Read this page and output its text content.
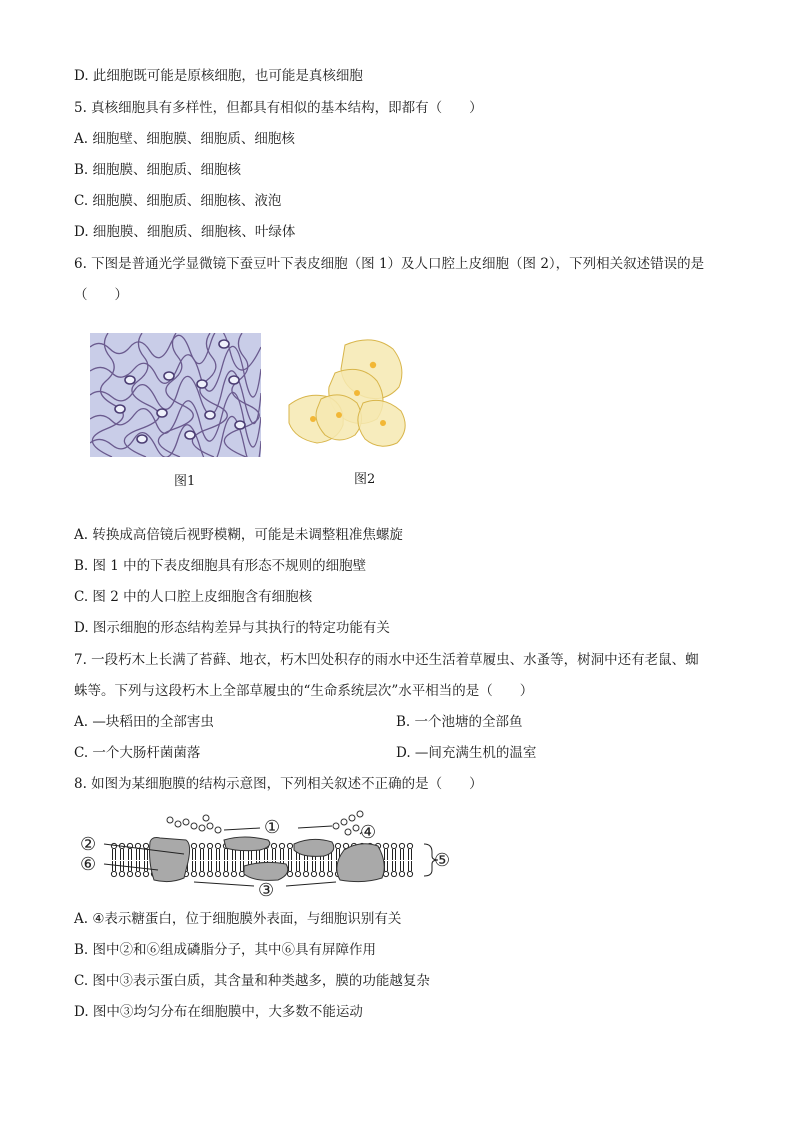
D. 此细胞既可能是原核细胞，也可能是真核细胞
5. 真核细胞具有多样性，但都具有相似的基本结构，即都有（　　）
A. 细胞壁、细胞膜、细胞质、细胞核
B. 细胞膜、细胞质、细胞核
C. 细胞膜、细胞质、细胞核、液泡
D. 细胞膜、细胞质、细胞核、叶绿体
6. 下图是普通光学显微镜下蚕豆叶下表皮细胞（图 1）及人口腔上皮细胞（图 2），下列相关叙述错误的是
（　　）
图1	图2
A. 转换成高倍镜后视野模糊，可能是未调整粗准焦螺旋
B. 图 1 中的下表皮细胞具有形态不规则的细胞壁
C. 图 2 中的人口腔上皮细胞含有细胞核
D. 图示细胞的形态结构差异与其执行的特定功能有关
7. 一段朽木上长满了苔藓、地衣，朽木凹处积存的雨水中还生活着草履虫、水蚤等，树洞中还有老鼠、蜘
蛛等。下列与这段朽木上全部草履虫的“生命系统层次”水平相当的是（　　）
A. —块稻田的全部害虫	B. 一个池塘的全部鱼
C. 一个大肠杆菌菌落	D. —间充满生机的温室
8. 如图为某细胞膜的结构示意图，下列相关叙述不正确的是（　　）
①	④
②
⑥	⑤
③
A. ④表示糖蛋白，位于细胞膜外表面，与细胞识别有关
B. 图中②和⑥组成磷脂分子，其中⑥具有屏障作用
C. 图中③表示蛋白质，其含量和种类越多，膜的功能越复杂
D. 图中③均匀分布在细胞膜中，大多数不能运动
